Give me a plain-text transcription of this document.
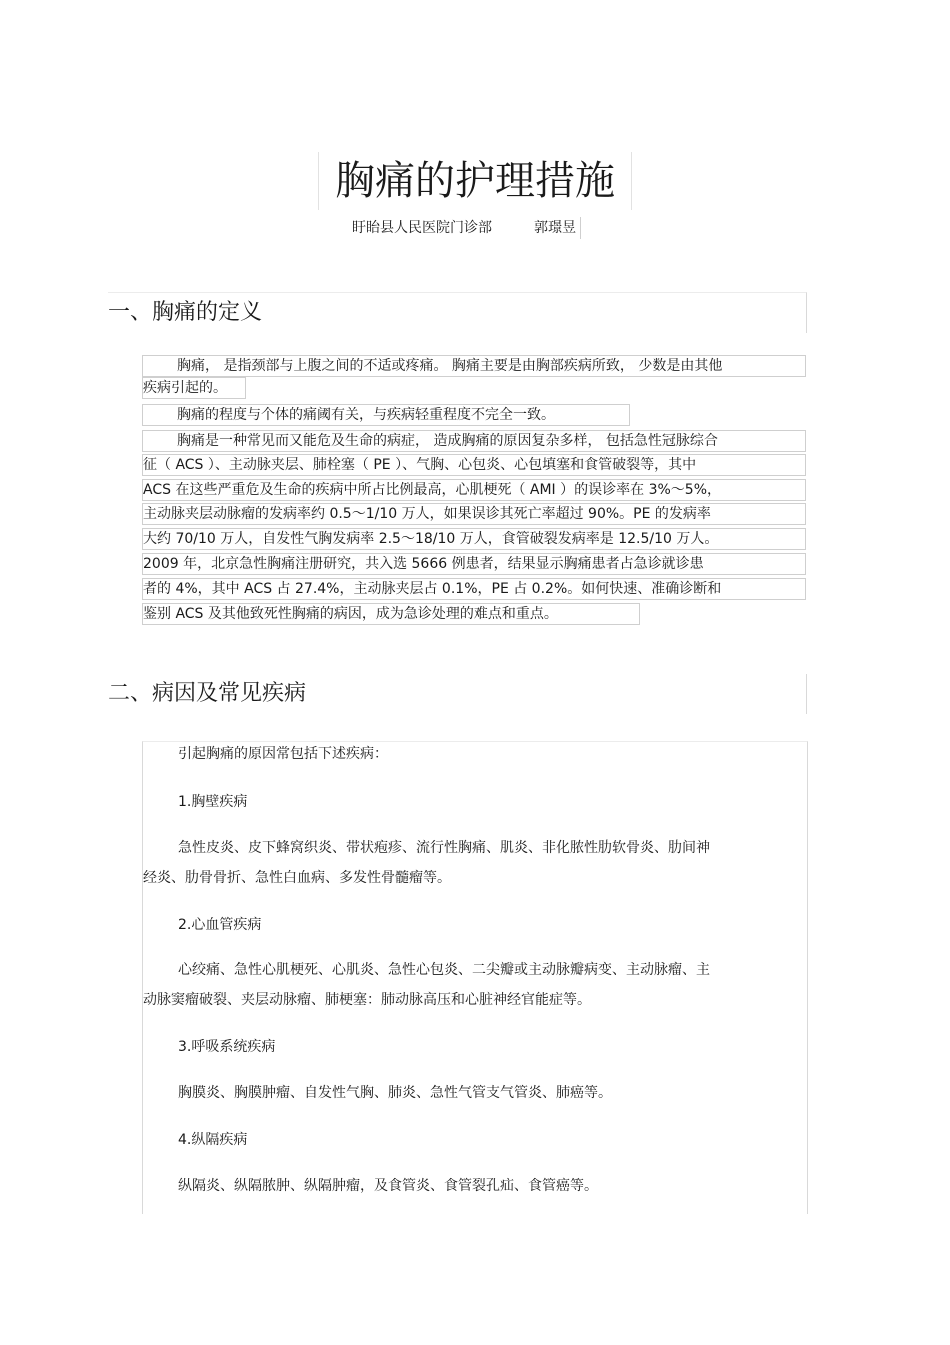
胸痛的护理措施
盱眙县人民医院门诊部	郭璟昱
一、胸痛的定义
胸痛， 是指颈部与上腹之间的不适或疼痛。 胸痛主要是由胸部疾病所致， 少数是由其他
疾病引起的。
胸痛的程度与个体的痛阈有关，与疾病轻重程度不完全一致。
胸痛是一种常见而又能危及生命的病症， 造成胸痛的原因复杂多样， 包括急性冠脉综合
征（ ACS ）、主动脉夹层、肺栓塞（ PE ）、气胸、心包炎、心包填塞和食管破裂等，其中
ACS 在这些严重危及生命的疾病中所占比例最高，心肌梗死（ AMI ）的误诊率在 3%～5%，
主动脉夹层动脉瘤的发病率约 0.5～1/10 万人，如果误诊其死亡率超过 90%。PE 的发病率
大约 70/10 万人，自发性气胸发病率 2.5～18/10 万人，食管破裂发病率是 12.5/10 万人。
2009 年，北京急性胸痛注册研究，共入选 5666 例患者，结果显示胸痛患者占急诊就诊患
者的 4%，其中 ACS 占 27.4%，主动脉夹层占 0.1%，PE 占 0.2%。如何快速、准确诊断和
鉴别 ACS 及其他致死性胸痛的病因，成为急诊处理的难点和重点。
二、病因及常见疾病
引起胸痛的原因常包括下述疾病：
1.胸壁疾病
急性皮炎、皮下蜂窝织炎、带状疱疹、流行性胸痛、肌炎、非化脓性肋软骨炎、肋间神
经炎、肋骨骨折、急性白血病、多发性骨髓瘤等。
2.心血管疾病
心绞痛、急性心肌梗死、心肌炎、急性心包炎、二尖瓣或主动脉瓣病变、主动脉瘤、主
动脉窦瘤破裂、夹层动脉瘤、肺梗塞：肺动脉高压和心脏神经官能症等。
3.呼吸系统疾病
胸膜炎、胸膜肿瘤、自发性气胸、肺炎、急性气管支气管炎、肺癌等。
4.纵隔疾病
纵隔炎、纵隔脓肿、纵隔肿瘤，及食管炎、食管裂孔疝、食管癌等。
